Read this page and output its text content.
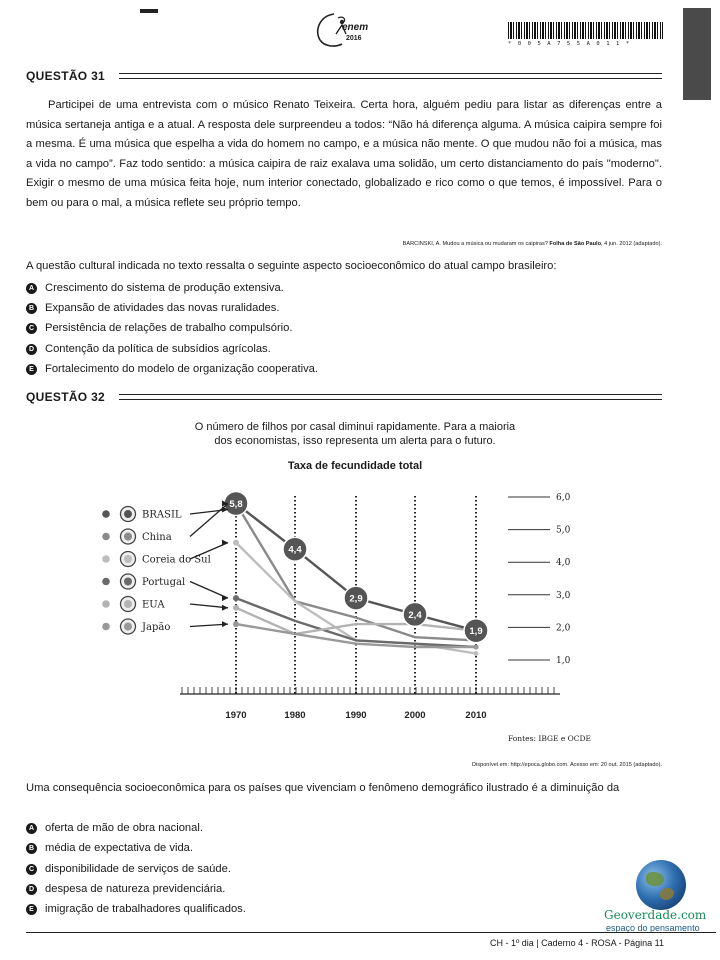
enem
2016
* 0 0 5 A 7 5 5 A 0 1 1 *
QUESTÃO 31
Participei de uma entrevista com o músico Renato Teixeira. Certa hora, alguém pediu para listar as diferenças entre a música sertaneja antiga e a atual. A resposta dele surpreendeu a todos: “Não há diferença alguma. A música caipira sempre foi a mesma. É uma música que espelha a vida do homem no campo, e a música não mente. O que mudou não foi a música, mas a vida no campo”. Faz todo sentido: a música caipira de raiz exalava uma solidão, um certo distanciamento do país "moderno". Exigir o mesmo de uma música feita hoje, num interior conectado, globalizado e rico como o que temos, é impossível. Para o bem ou para o mal, a música reflete seu próprio tempo.
BARCINSKI, A. Mudou a música ou mudaram os caipiras? Folha de São Paulo, 4 jun. 2012 (adaptado).
A questão cultural indicada no texto ressalta o seguinte aspecto socioeconômico do atual campo brasileiro:
A Crescimento do sistema de produção extensiva.
B Expansão de atividades das novas ruralidades.
C Persistência de relações de trabalho compulsório.
D Contenção da política de subsídios agrícolas.
E Fortalecimento do modelo de organização cooperativa.
QUESTÃO 32
O número de filhos por casal diminui rapidamente. Para a maioria
dos economistas, isso representa um alerta para o futuro.
Taxa de fecundidade total
1970	1980	1990	2000	2010
1,0
2,0
3,0
4,0
5,0
6,0
5,8
4,4
2,9
2,4
1,9
BRASIL
China
Coreia do Sul
Portugal
EUA
Japão
Fontes: IBGE e OCDE
Disponível em: http://epoca.globo.com. Acesso em: 20 out. 2015 (adaptado).
Uma consequência socioeconômica para os países que vivenciam o fenômeno demográfico ilustrado é a diminuição da
A oferta de mão de obra nacional.
B média de expectativa de vida.
C disponibilidade de serviços de saúde.
D despesa de natureza previdenciária.
E imigração de trabalhadores qualificados.	Geoverdade.com
espaço do pensamento
CH - 1º dia | Caderno 4 - ROSA - Página 11
